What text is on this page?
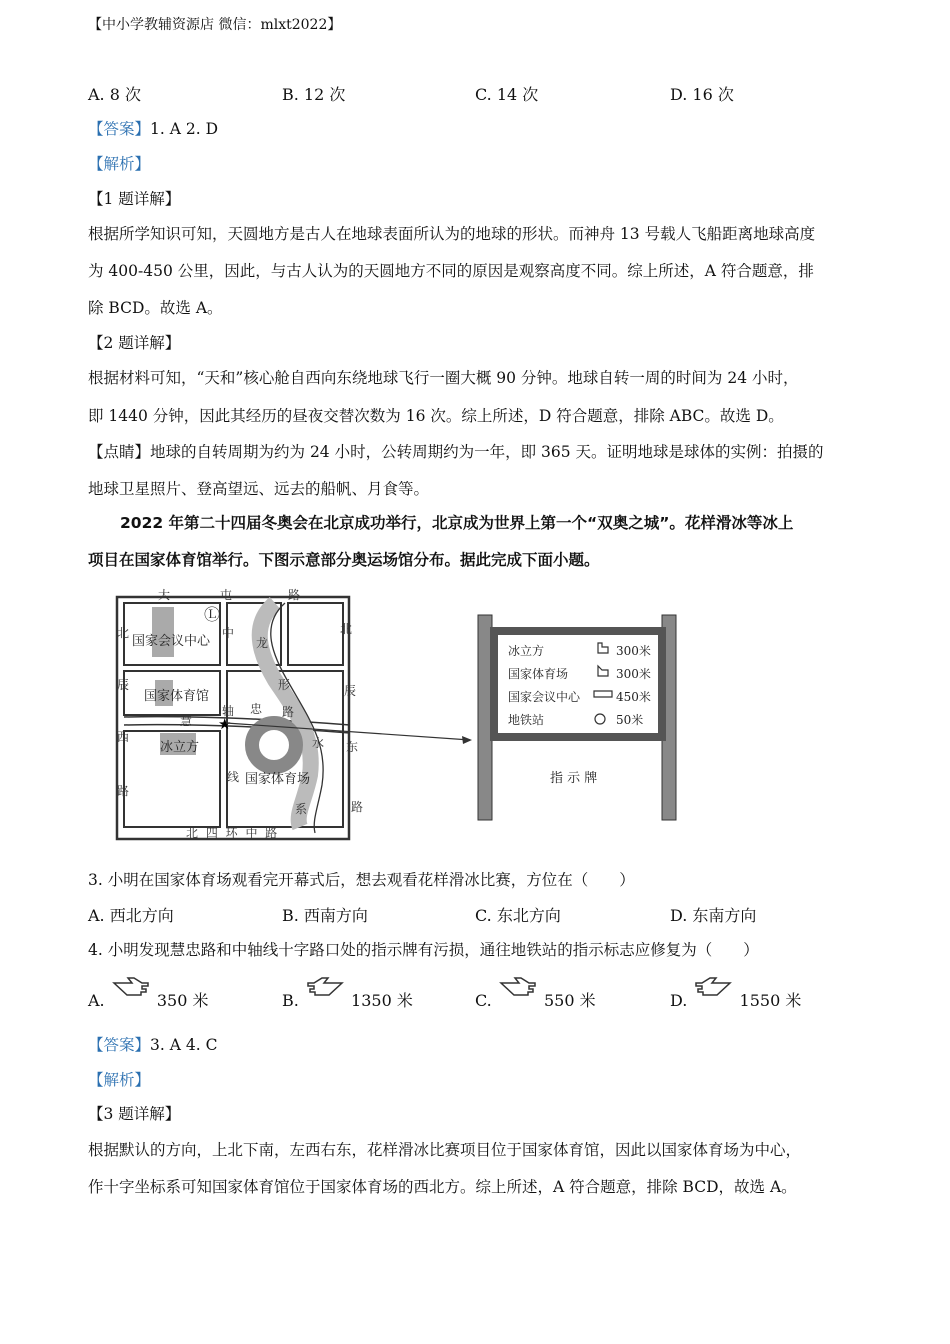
【中小学教辅资源店 微信：mlxt2022】
A. 8 次	B. 12 次	C. 14 次	D. 16 次
【答案】1. A 2. D
【解析】
【1 题详解】
根据所学知识可知，天圆地方是古人在地球表面所认为的地球的形状。而神舟 13 号载人飞船距离地球高度
为 400-450 公里，因此，与古人认为的天圆地方不同的原因是观察高度不同。综上所述，A 符合题意，排
除 BCD。故选 A。
【2 题详解】
根据材料可知，“天和”核心舱自西向东绕地球飞行一圈大概 90 分钟。地球自转一周的时间为 24 小时，
即 1440 分钟，因此其经历的昼夜交替次数为 16 次。综上所述，D 符合题意，排除 ABC。故选 D。
【点睛】地球的自转周期为约为 24 小时，公转周期约为一年，即 365 天。证明地球是球体的实例：拍摄的
地球卫星照片、登高望远、远去的船帆、月食等。
2022 年第二十四届冬奥会在北京成功举行，北京成为世界上第一个“双奥之城”。花样滑冰等冰上
项目在国家体育馆举行。下图示意部分奥运场馆分布。据此完成下面小题。
★
大	屯	路
北
辰
西
路
北
辰
东
路
慧
忠 路
中
轴
线
龙
形
水
系
北 四 环 中 路
国家会议中心
国家体育馆
冰立方
国家体育场
Ⓛ
冰立方	300米
国家体育场	300米
国家会议中心	450米
地铁站	50米
指 示 牌
3. 小明在国家体育场观看完开幕式后，想去观看花样滑冰比赛，方位在（　　）
A. 西北方向	B. 西南方向	C. 东北方向	D. 东南方向
4. 小明发现慧忠路和中轴线十字路口处的指示牌有污损，通往地铁站的指示标志应修复为（　　）
A.	350 米	B.	1350 米	C.	550 米	D.	1550 米
【答案】3. A 4. C
【解析】
【3 题详解】
根据默认的方向，上北下南，左西右东，花样滑冰比赛项目位于国家体育馆，因此以国家体育场为中心，
作十字坐标系可知国家体育馆位于国家体育场的西北方。综上所述，A 符合题意，排除 BCD，故选 A。
